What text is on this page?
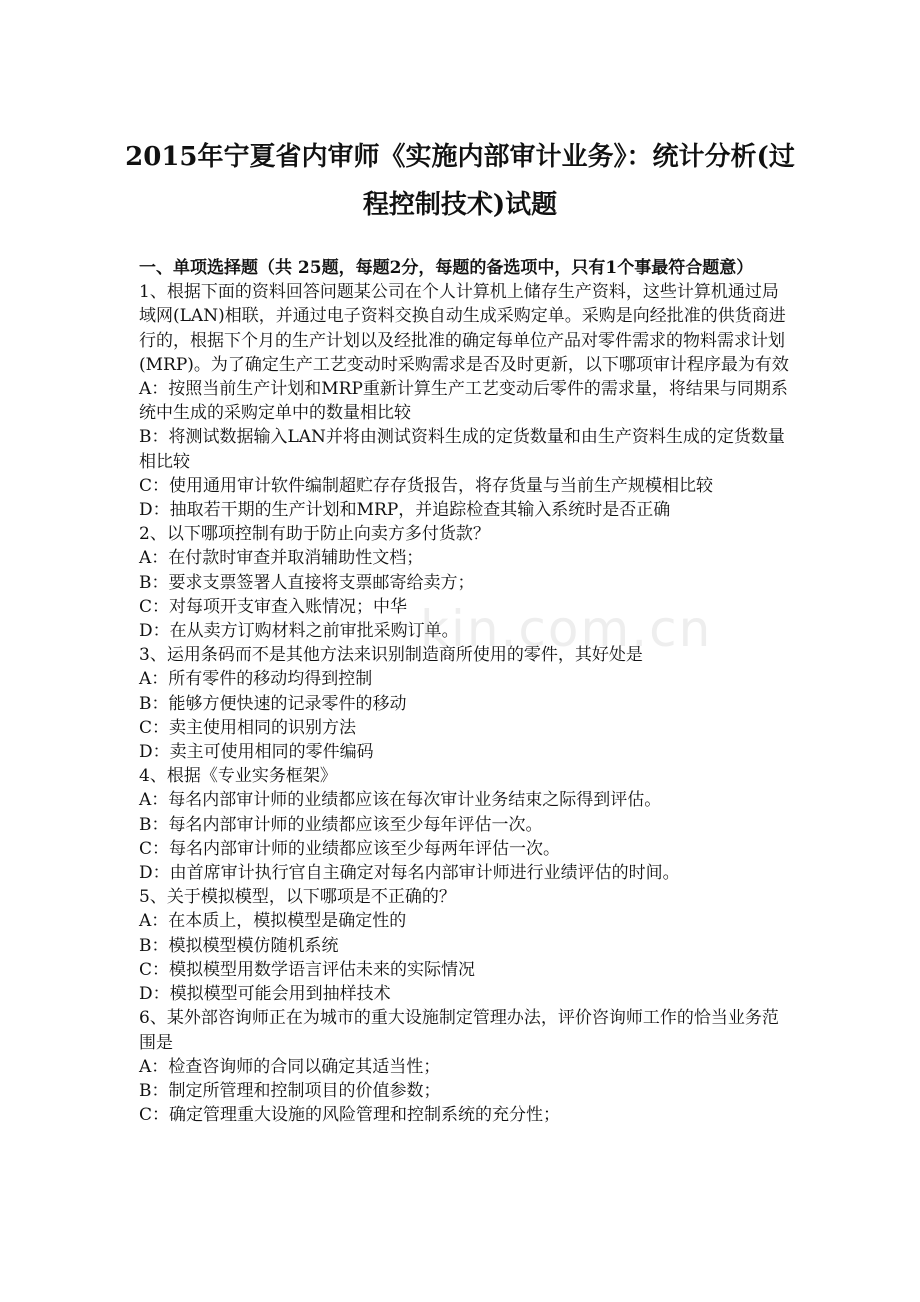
2015年宁夏省内审师《实施内部审计业务》：统计分析(过
程控制技术)试题

一、单项选择题（共 25题，每题2分，每题的备选项中，只有1个事最符合题意）

1、根据下面的资料回答问题某公司在个人计算机上储存生产资料，这些计算机通过局域网(LAN)相联，并通过电子资料交换自动生成采购定单。采购是向经批准的供货商进行的，根据下个月的生产计划以及经批准的确定每单位产品对零件需求的物料需求计划(MRP)。为了确定生产工艺变动时采购需求是否及时更新，以下哪项审计程序最为有效

A：按照当前生产计划和MRP重新计算生产工艺变动后零件的需求量，将结果与同期系统中生成的采购定单中的数量相比较

B：将测试数据输入LAN并将由测试资料生成的定货数量和由生产资料生成的定货数量相比较

C：使用通用审计软件编制超贮存存货报告，将存货量与当前生产规模相比较

D：抽取若干期的生产计划和MRP，并追踪检查其输入系统时是否正确

2、以下哪项控制有助于防止向卖方多付货款？

A：在付款时审查并取消辅助性文档；

B：要求支票签署人直接将支票邮寄给卖方；

C：对每项开支审查入账情况；中华

D：在从卖方订购材料之前审批采购订单。

3、运用条码而不是其他方法来识别制造商所使用的零件，其好处是

A：所有零件的移动均得到控制

B：能够方便快速的记录零件的移动

C：卖主使用相同的识别方法

D：卖主可使用相同的零件编码

4、根据《专业实务框架》

A：每名内部审计师的业绩都应该在每次审计业务结束之际得到评估。

B：每名内部审计师的业绩都应该至少每年评估一次。

C：每名内部审计师的业绩都应该至少每两年评估一次。

D：由首席审计执行官自主确定对每名内部审计师进行业绩评估的时间。

5、关于模拟模型，以下哪项是不正确的？

A：在本质上，模拟模型是确定性的

B：模拟模型模仿随机系统

C：模拟模型用数学语言评估未来的实际情况

D：模拟模型可能会用到抽样技术

6、某外部咨询师正在为城市的重大设施制定管理办法，评价咨询师工作的恰当业务范围是

A：检查咨询师的合同以确定其适当性；

B：制定所管理和控制项目的价值参数；

C：确定管理重大设施的风险管理和控制系统的充分性；

kin.com.cn
